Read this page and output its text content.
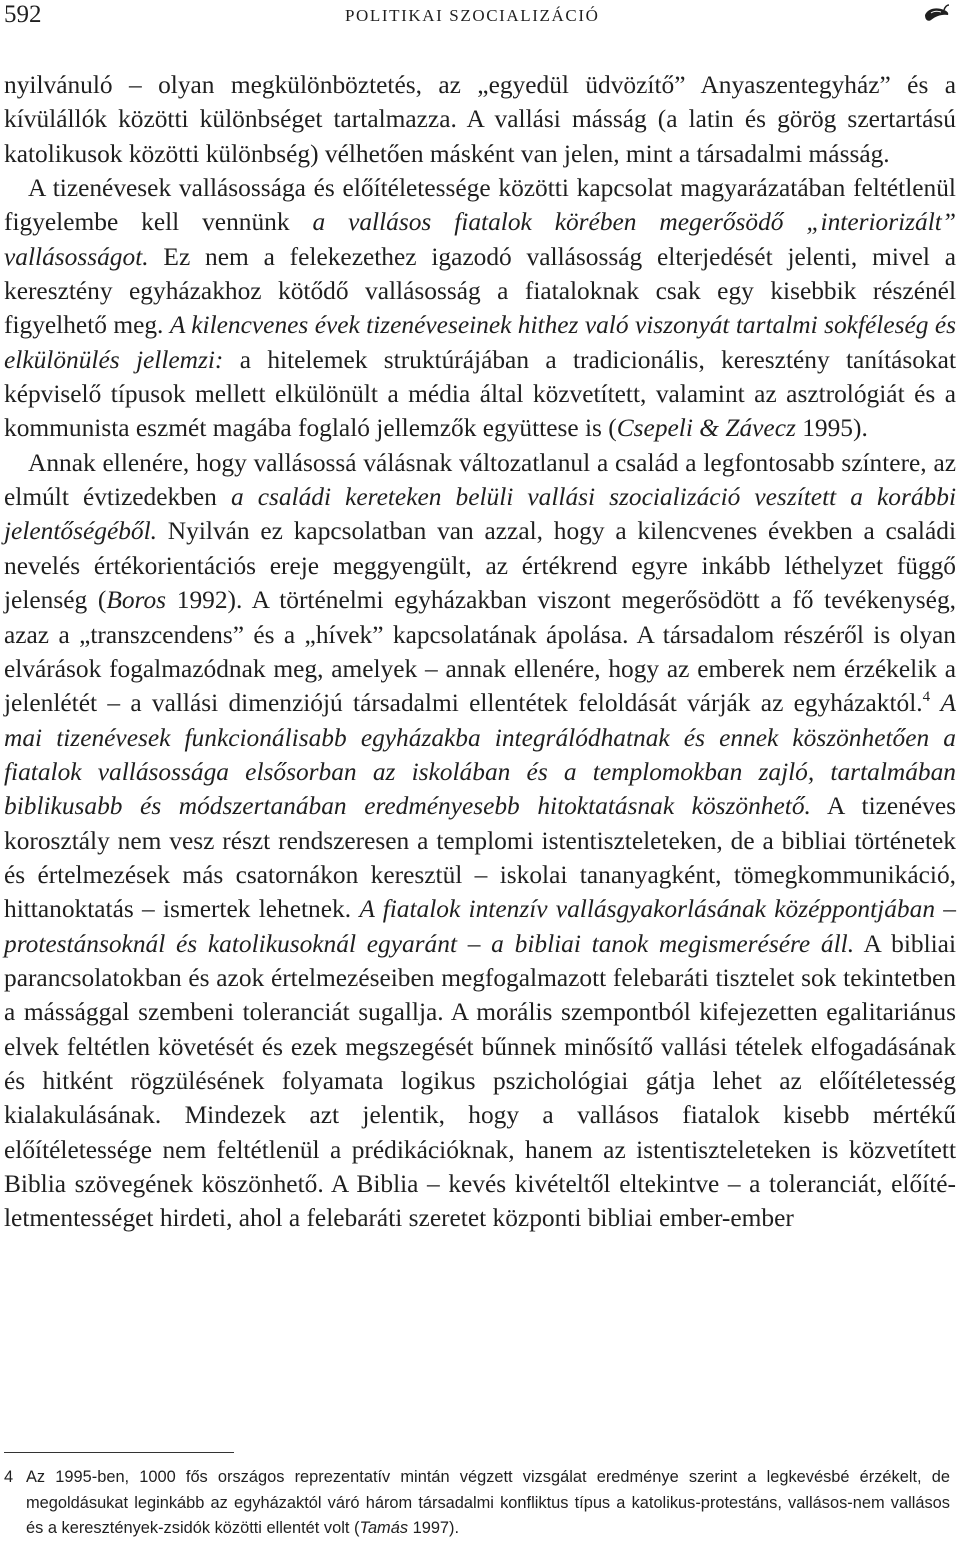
592	POLITIKAI SZOCIALIZÁCIÓ

nyilvánuló – olyan megkülönböztetés, az „egyedül üdvözítő” Anyaszentegyház” és a kívülállók közötti különbséget tartalmazza. A vallási másság (a latin és görög szertartású katolikusok közötti különbség) vélhetően másként van jelen, mint a társadalmi másság.

A tizenévesek vallásossága és előítéletessége közötti kapcsolat magyarázatában feltétlenül figyelembe kell vennünk a vallásos fiatalok körében megerősödő „interiorizált” vallásosságot. Ez nem a felekezethez igazodó vallásosság elterjedését jelenti, mivel a keresztény egyházakhoz kötődő vallásosság a fiataloknak csak egy kisebbik részénél figyelhető meg. A kilencvenes évek tizenéveseinek hithez való viszonyát tartalmi sokféleség és elkülönülés jellemzi: a hitelemek struktúrájában a tradicionális, keresztény tanításokat képviselő típusok mellett elkülönült a média által közvetített, valamint az asztrológiát és a kommunista eszmét magába foglaló jellemzők együttese is (Csepeli & Závecz 1995).

Annak ellenére, hogy vallásossá válásnak változatlanul a család a legfontosabb színtere, az elmúlt évtizedekben a családi kereteken belüli vallási szocializáció veszített a korábbi jelentőségéből. Nyilván ez kapcsolatban van azzal, hogy a kilencvenes években a családi nevelés értékorientációs ereje meggyengült, az értékrend egyre inkább léthelyzet függő jelenség (Boros 1992). A történelmi egyházakban viszont megerősödött a fő tevékenység, azaz a „transzcendens” és a „hívek” kapcsolatának ápolása. A társadalom részéről is olyan elvárások fogalmazódnak meg, amelyek – annak ellenére, hogy az emberek nem érzékelik a jelenlétét – a vallási dimenziójú társadalmi ellentétek feloldását várják az egyházaktól.$^4$ A mai tizenévesek funkcionálisabb egyházakba integrálódhatnak és ennek köszönhetően a fiatalok vallásossága elsősorban az iskolában és a templomokban zajló, tartalmában biblikusabb és módszertanában eredményesebb hitoktatásnak köszönhető. A tizenéves korosztály nem vesz részt rendszeresen a templomi istentiszteleteken, de a bibliai történetek és értelmezések más csatornákon keresztül – iskolai tananyagként, tömegkommunikáció, hittanoktatás – ismertek lehetnek. A fiatalok intenzív vallásgyakorlásának középpontjában – protestánsoknál és katolikusoknál egyaránt – a bibliai tanok megismerésére áll. A bibliai parancsolatokban és azok értelmezéseiben megfogalmazott felebaráti tisztelet sok tekintetben a mássággal szembeni toleranciát sugallja. A morális szempontból kifejezetten egalitariánus elvek feltétlen követését és ezek megszegését bűnnek minősítő vallási tételek elfogadásának és hitként rögzülésének folyamata logikus pszichológiai gátja lehet az előítéletesség kialakulásának. Mindezek azt jelentik, hogy a vallásos fiatalok kisebb mértékű előítéletessége nem feltétlenül a prédikációknak, hanem az istentiszteleteken is közvetített Biblia szövegének köszönhető. A Biblia – kevés kivételtől eltekintve – a toleranciát, előítéletmentességet hirdeti, ahol a felebaráti szeretet központi bibliai ember-ember

4 Az 1995-ben, 1000 fős országos reprezentatív mintán végzett vizsgálat eredménye szerint a legkevésbé érzékelt, de megoldásukat leginkább az egyházaktól váró három társadalmi konfliktus típus a katolikus-protestáns, vallásos-nem vallásos és a keresztények-zsidók közötti ellentét volt (Tamás 1997).
